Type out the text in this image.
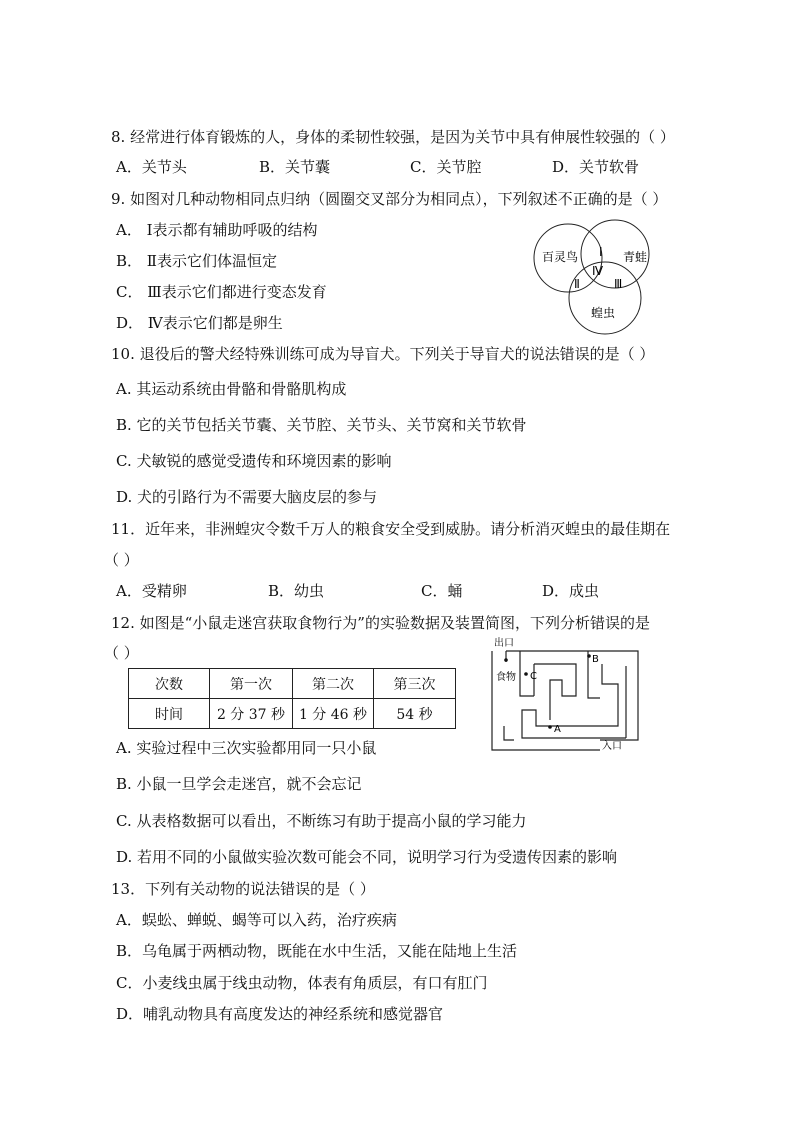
8. 经常进行体育锻炼的人，身体的柔韧性较强，是因为关节中具有伸展性较强的（ ）
A．关节头	B．关节囊	C．关节腔	D．关节软骨
9. 如图对几种动物相同点归纳（圆圈交叉部分为相同点），下列叙述不正确的是（ ）
A． Ⅰ表示都有辅助呼吸的结构
B． Ⅱ表示它们体温恒定
C． Ⅲ表示它们都进行变态发育
D． Ⅳ表示它们都是卵生
百灵鸟	青蛙
蝗虫
Ⅰ
Ⅱ	Ⅲ
Ⅳ
10. 退役后的警犬经特殊训练可成为导盲犬。下列关于导盲犬的说法错误的是（ ）
A. 其运动系统由骨骼和骨骼肌构成
B. 它的关节包括关节囊、关节腔、关节头、关节窝和关节软骨
C. 犬敏锐的感觉受遗传和环境因素的影响
D. 犬的引路行为不需要大脑皮层的参与
11．近年来，非洲蝗灾令数千万人的粮食安全受到威胁。请分析消灭蝗虫的最佳期在
（ ）
A．受精卵	B．幼虫	C．蛹	D．成虫
12. 如图是“小鼠走迷宫获取食物行为”的实验数据及装置简图，下列分析错误的是
（ ）
次数	第一次	第二次	第三次
时间	2 分 37 秒	1 分 46 秒	54 秒
出口
入口
食物
A
B
C
A. 实验过程中三次实验都用同一只小鼠
B. 小鼠一旦学会走迷宫，就不会忘记
C. 从表格数据可以看出，不断练习有助于提高小鼠的学习能力
D. 若用不同的小鼠做实验次数可能会不同，说明学习行为受遗传因素的影响
13．下列有关动物的说法错误的是（ ）
A．蜈蚣、蝉蜕、蝎等可以入药，治疗疾病
B．乌龟属于两栖动物，既能在水中生活，又能在陆地上生活
C．小麦线虫属于线虫动物，体表有角质层，有口有肛门
D．哺乳动物具有高度发达的神经系统和感觉器官
